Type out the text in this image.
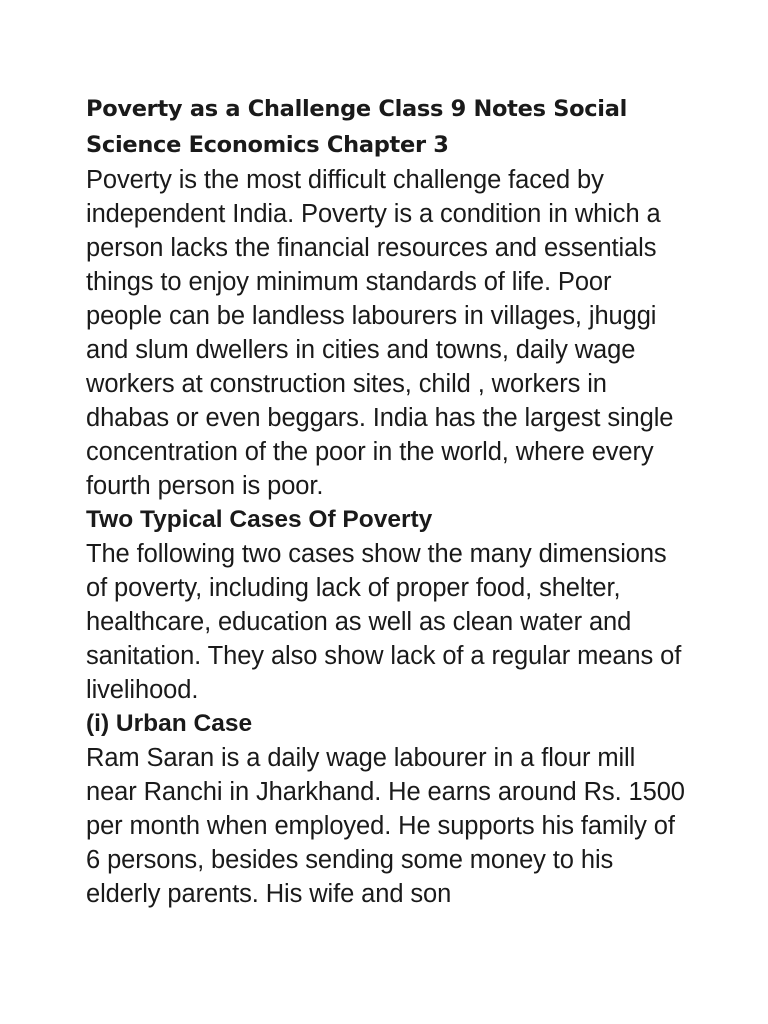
Poverty as a Challenge Class 9 Notes Social Science Economics Chapter 3

Poverty is the most difficult challenge faced by independent India. Poverty is a condition in which a person lacks the financial resources and essentials things to enjoy minimum standards of life. Poor people can be landless labourers in villages, jhuggi and slum dwellers in cities and towns, daily wage workers at construction sites, child , workers in dhabas or even beggars. India has the largest single concentration of the poor in the world, where every fourth person is poor.

Two Typical Cases Of Poverty

The following two cases show the many dimensions of poverty, including lack of proper food, shelter, healthcare, education as well as clean water and sanitation. They also show lack of a regular means of livelihood.

(i) Urban Case

Ram Saran is a daily wage labourer in a flour mill near Ranchi in Jharkhand. He earns around Rs. 1500 per month when employed. He supports his family of 6 persons, besides sending some money to his elderly parents. His wife and son
